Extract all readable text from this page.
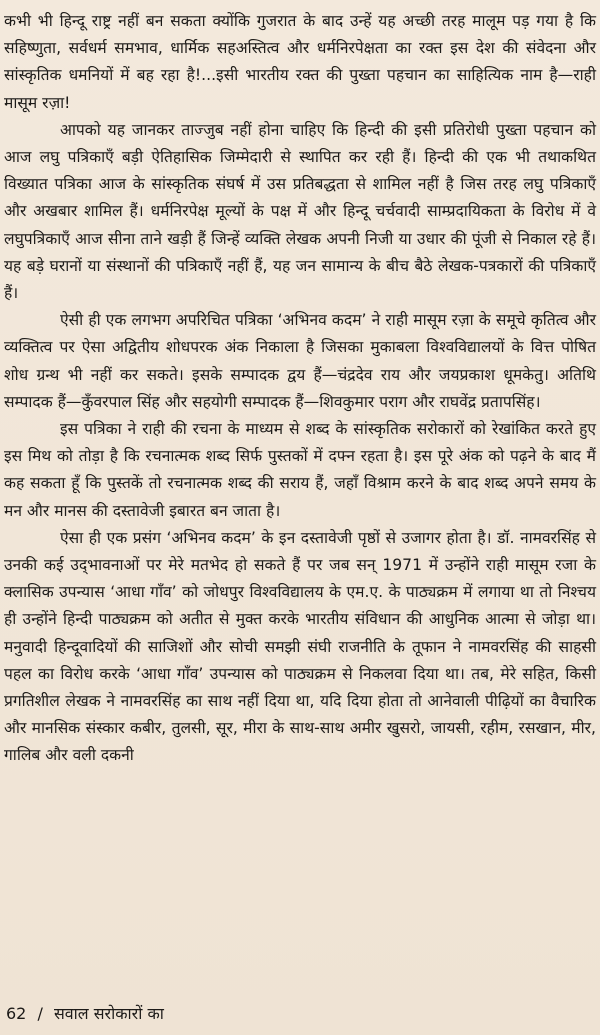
कभी भी हिन्दू राष्ट्र नहीं बन सकता क्योंकि गुजरात के बाद उन्हें यह अच्छी तरह मालूम पड़ गया है कि सहिष्णुता, सर्वधर्म समभाव, धार्मिक सहअस्तित्व और धर्मनिरपेक्षता का रक्त इस देश की संवेदना और सांस्कृतिक धमनियों में बह रहा है!...इसी भारतीय रक्त की पुख्ता पहचान का साहित्यिक नाम है—राही मासूम रज़ा!

आपको यह जानकर ताज्जुब नहीं होना चाहिए कि हिन्दी की इसी प्रतिरोधी पुख्ता पहचान को आज लघु पत्रिकाएँ बड़ी ऐतिहासिक जिम्मेदारी से स्थापित कर रही हैं। हिन्दी की एक भी तथाकथित विख्यात पत्रिका आज के सांस्कृतिक संघर्ष में उस प्रतिबद्धता से शामिल नहीं है जिस तरह लघु पत्रिकाएँ और अखबार शामिल हैं। धर्मनिरपेक्ष मूल्यों के पक्ष में और हिन्दू चर्चवादी साम्प्रदायिकता के विरोध में वे लघुपत्रिकाएँ आज सीना ताने खड़ी हैं जिन्हें व्यक्ति लेखक अपनी निजी या उधार की पूंजी से निकाल रहे हैं। यह बड़े घरानों या संस्थानों की पत्रिकाएँ नहीं हैं, यह जन सामान्य के बीच बैठे लेखक-पत्रकारों की पत्रिकाएँ हैं।

ऐसी ही एक लगभग अपरिचित पत्रिका ‘अभिनव कदम’ ने राही मासूम रज़ा के समूचे कृतित्व और व्यक्तित्व पर ऐसा अद्वितीय शोधपरक अंक निकाला है जिसका मुकाबला विश्वविद्यालयों के वित्त पोषित शोध ग्रन्थ भी नहीं कर सकते। इसके सम्पादक द्वय हैं—चंद्रदेव राय और जयप्रकाश धूमकेतु। अतिथि सम्पादक हैं—कुँवरपाल सिंह और सहयोगी सम्पादक हैं—शिवकुमार पराग और राघवेंद्र प्रतापसिंह।

इस पत्रिका ने राही की रचना के माध्यम से शब्द के सांस्कृतिक सरोकारों को रेखांकित करते हुए इस मिथ को तोड़ा है कि रचनात्मक शब्द सिर्फ पुस्तकों में दफ्न रहता है। इस पूरे अंक को पढ़ने के बाद मैं कह सकता हूँ कि पुस्तकें तो रचनात्मक शब्द की सराय हैं, जहाँ विश्राम करने के बाद शब्द अपने समय के मन और मानस की दस्तावेजी इबारत बन जाता है।

ऐसा ही एक प्रसंग ‘अभिनव कदम’ के इन दस्तावेजी पृष्ठों से उजागर होता है। डॉ. नामवरसिंह से उनकी कई उद्‌भावनाओं पर मेरे मतभेद हो सकते हैं पर जब सन्‌ 1971 में उन्होंने राही मासूम रजा के क्लासिक उपन्यास ‘आधा गाँव’ को जोधपुर विश्वविद्यालय के एम.ए. के पाठ्यक्रम में लगाया था तो निश्चय ही उन्होंने हिन्दी पाठ्यक्रम को अतीत से मुक्त करके भारतीय संविधान की आधुनिक आत्मा से जोड़ा था। मनुवादी हिन्दूवादियों की साजिशों और सोची समझी संघी राजनीति के तूफान ने नामवरसिंह की साहसी पहल का विरोध करके ‘आधा गाँव’ उपन्यास को पाठ्यक्रम से निकलवा दिया था। तब, मेरे सहित, किसी प्रगतिशील लेखक ने नामवरसिंह का साथ नहीं दिया था, यदि दिया होता तो आनेवाली पीढ़ियों का वैचारिक और मानसिक संस्कार कबीर, तुलसी, सूर, मीरा के साथ-साथ अमीर खुसरो, जायसी, रहीम, रसखान, मीर, गालिब और वली दकनी

62 / सवाल सरोकारों का
